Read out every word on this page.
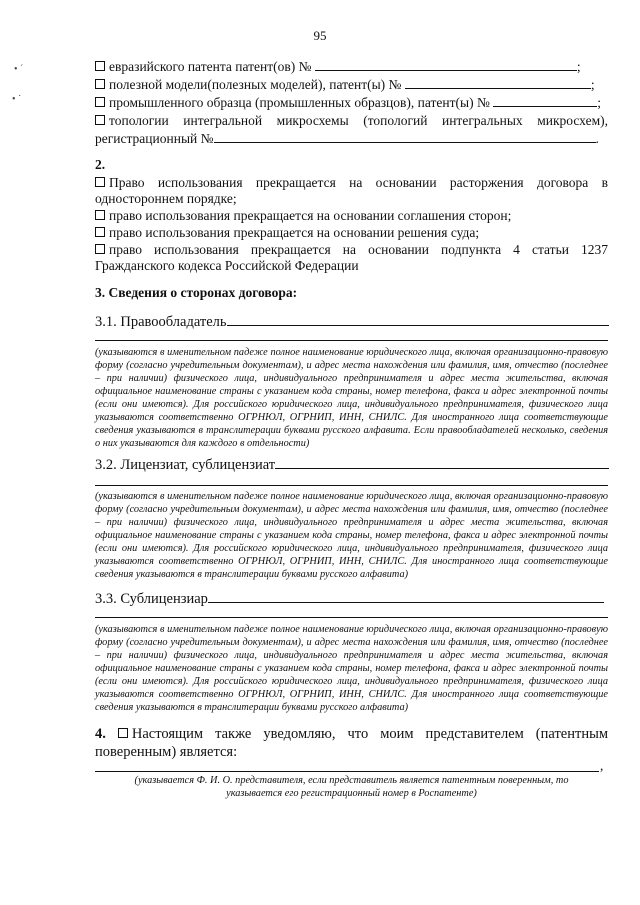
95
• ˊ
• ˙
евразийского патента патент(ов) №	;
полезной модели(полезных моделей), патент(ы) №	;
промышленного образца (промышленных образцов), патент(ы) №	;
топологии интегральной микросхемы (топологий интегральных микросхем),
регистрационный №	.
2.
Право использования прекращается на основании расторжения договора в
одностороннем порядке;
право использования прекращается на основании соглашения сторон;
право использования прекращается на основании решения суда;
право использования прекращается на основании подпункта 4 статьи 1237
Гражданского кодекса Российской Федерации
3. Сведения о сторонах договора:
3.1. Правообладатель
(указываются в именительном падеже полное наименование юридического лица, включая организационно-правовую форму (согласно учредительным документам), и адрес места нахождения или фамилия, имя, отчество (последнее – при наличии) физического лица, индивидуального предпринимателя и адрес места жительства, включая официальное наименование страны с указанием кода страны, номер телефона, факса и адрес электронной почты (если они имеются). Для российского юридического лица, индивидуального предпринимателя, физического лица указываются соответственно ОГРНЮЛ, ОГРНИП, ИНН, СНИЛС. Для иностранного лица соответствующие сведения указываются в транслитерации буквами русского алфавита. Если правообладателей несколько, сведения о них указываются для каждого в отдельности)
3.2. Лицензиат, сублицензиат
(указываются в именительном падеже полное наименование юридического лица, включая организационно-правовую форму (согласно учредительным документам), и адрес места нахождения или фамилия, имя, отчество (последнее – при наличии) физического лица, индивидуального предпринимателя и адрес места жительства, включая официальное наименование страны с указанием кода страны, номер телефона, факса и адрес электронной почты (если они имеются). Для российского юридического лица, индивидуального предпринимателя, физического лица указываются соответственно ОГРНЮЛ, ОГРНИП, ИНН, СНИЛС. Для иностранного лица соответствующие сведения указываются в транслитерации буквами русского алфавита)
3.3. Сублицензиар
(указываются в именительном падеже полное наименование юридического лица, включая организационно-правовую форму (согласно учредительным документам), и адрес места нахождения или фамилия, имя, отчество (последнее – при наличии) физического лица, индивидуального предпринимателя и адрес места жительства, включая официальное наименование страны с указанием кода страны, номер телефона, факса и адрес электронной почты (если они имеются). Для российского юридического лица, индивидуального предпринимателя, физического лица указываются соответственно ОГРНЮЛ, ОГРНИП, ИНН, СНИЛС. Для иностранного лица соответствующие сведения указываются в транслитерации буквами русского алфавита)
4. Настоящим также уведомляю, что моим представителем (патентным
поверенным) является:
,
(указывается Ф. И. О. представителя, если представитель является патентным поверенным, то
указывается его регистрационный номер в Роспатенте)
